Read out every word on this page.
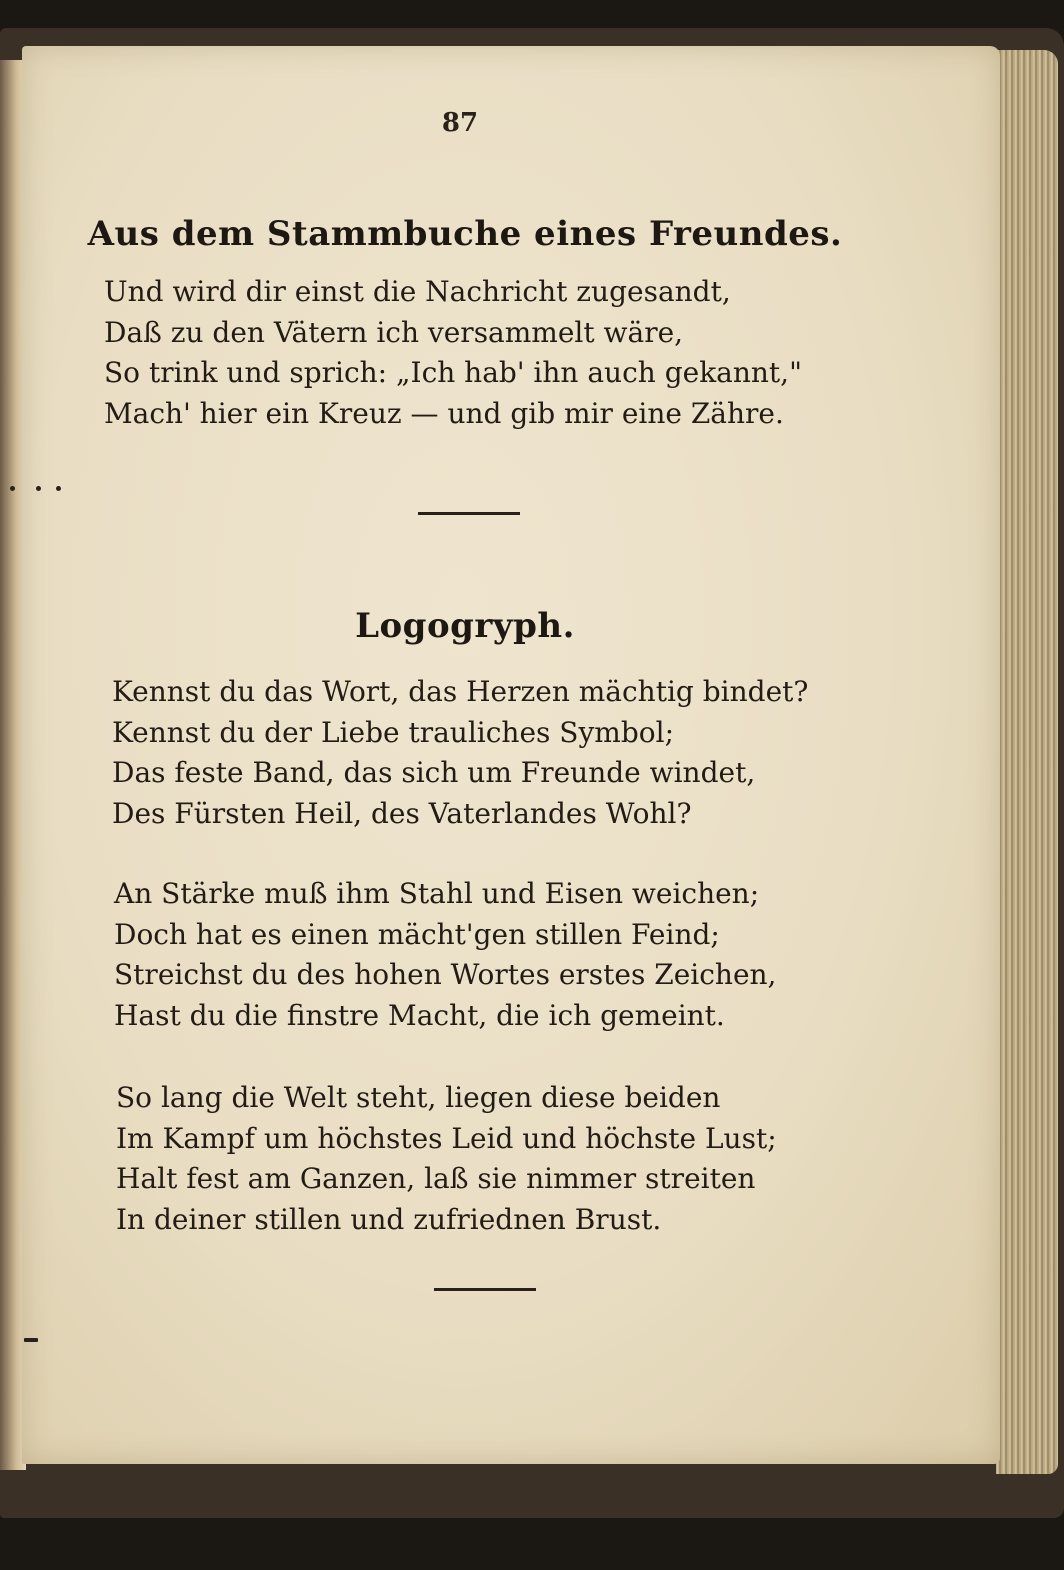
87
Aus dem Stammbuche eines Freundes.
Und wird dir einst die Nachricht zugesandt,
Daß zu den Vätern ich versammelt wäre,
So trink und sprich: „Ich hab' ihn auch gekannt,"
Mach' hier ein Kreuz — und gib mir eine Zähre.
Logogryph.
Kennst du das Wort, das Herzen mächtig bindet?
Kennst du der Liebe trauliches Symbol;
Das feste Band, das sich um Freunde windet,
Des Fürsten Heil, des Vaterlandes Wohl?
An Stärke muß ihm Stahl und Eisen weichen;
Doch hat es einen mächt'gen stillen Feind;
Streichst du des hohen Wortes erstes Zeichen,
Hast du die finstre Macht, die ich gemeint.
So lang die Welt steht, liegen diese beiden
Im Kampf um höchstes Leid und höchste Lust;
Halt fest am Ganzen, laß sie nimmer streiten
In deiner stillen und zufriednen Brust.
